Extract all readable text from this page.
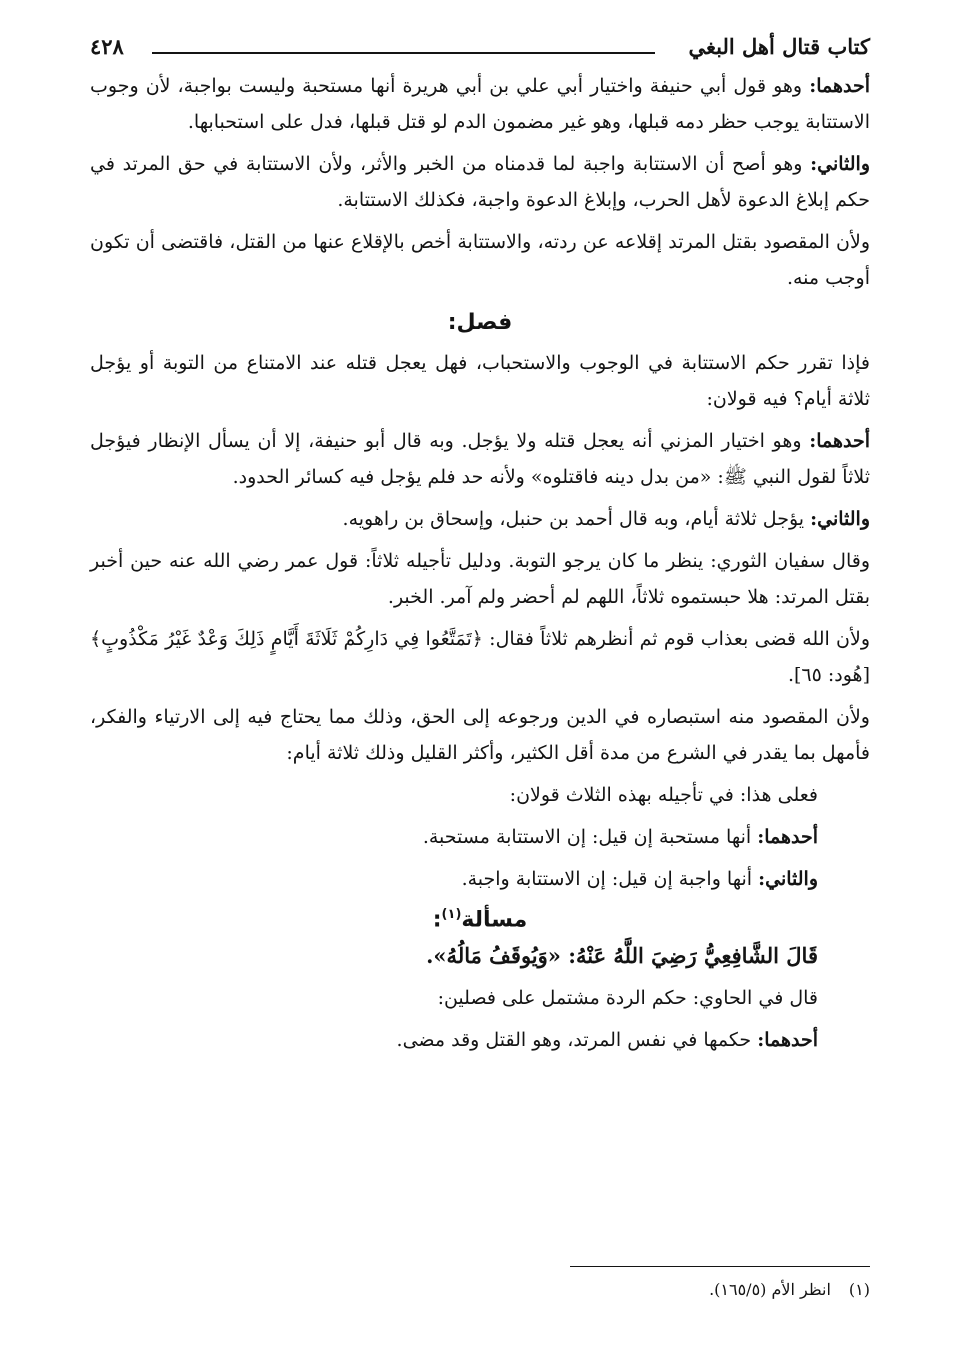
كتاب قتال أهل البغي
٤٢٨

أحدهما: وهو قول أبي حنيفة واختيار أبي علي بن أبي هريرة أنها مستحبة وليست بواجبة، لأن وجوب الاستتابة يوجب حظر دمه قبلها، وهو غير مضمون الدم لو قتل قبلها، فدل على استحبابها.

والثاني: وهو أصح أن الاستتابة واجبة لما قدمناه من الخبر والأثر، ولأن الاستتابة في حق المرتد في حكم إبلاغ الدعوة لأهل الحرب، وإبلاغ الدعوة واجبة، فكذلك الاستتابة.

ولأن المقصود بقتل المرتد إقلاعه عن ردته، والاستتابة أخص بالإقلاع عنها من القتل، فاقتضى أن تكون أوجب منه.

فصل:

فإذا تقرر حكم الاستتابة في الوجوب والاستحباب، فهل يعجل قتله عند الامتناع من التوبة أو يؤجل ثلاثة أيام؟ فيه قولان:

أحدهما: وهو اختيار المزني أنه يعجل قتله ولا يؤجل. وبه قال أبو حنيفة، إلا أن يسأل الإنظار فيؤجل ثلاثاً لقول النبي ﷺ: «من بدل دينه فاقتلوه» ولأنه حد فلم يؤجل فيه كسائر الحدود.

والثاني: يؤجل ثلاثة أيام، وبه قال أحمد بن حنبل، وإسحاق بن راهويه.

وقال سفيان الثوري: ينظر ما كان يرجو التوبة. ودليل تأجيله ثلاثاً: قول عمر رضي الله عنه حين أخبر بقتل المرتد: هلا حبستموه ثلاثاً، اللهم لم أحضر ولم آمر. الخبر.

ولأن الله قضى بعذاب قوم ثم أنظرهم ثلاثاً فقال: ﴿تَمَتَّعُوا فِي دَارِكُمْ ثَلَاثَةَ أَيَّامٍ ذَلِكَ وَعْدٌ غَيْرُ مَكْذُوبٍ﴾ [هُود: ٦٥].

ولأن المقصود منه استبصاره في الدين ورجوعه إلى الحق، وذلك مما يحتاج فيه إلى الارتياء والفكر، فأمهل بما يقدر في الشرع من مدة أقل الكثير، وأكثر القليل وذلك ثلاثة أيام:

فعلى هذا: في تأجيله بهذه الثلاث قولان:

أحدهما: أنها مستحبة إن قيل: إن الاستتابة مستحبة.

والثاني: أنها واجبة إن قيل: إن الاستتابة واجبة.

مسألة$^{(١)}$:

قَالَ الشَّافِعِيُّ رَضِيَ اللَّهُ عَنْهُ: «وَيُوقَفُ مَالُهُ».

قال في الحاوي: حكم الردة مشتمل على فصلين:

أحدهما: حكمها في نفس المرتد، وهو القتل وقد مضى.

(١)انظر الأم (١٦٥/٥).
